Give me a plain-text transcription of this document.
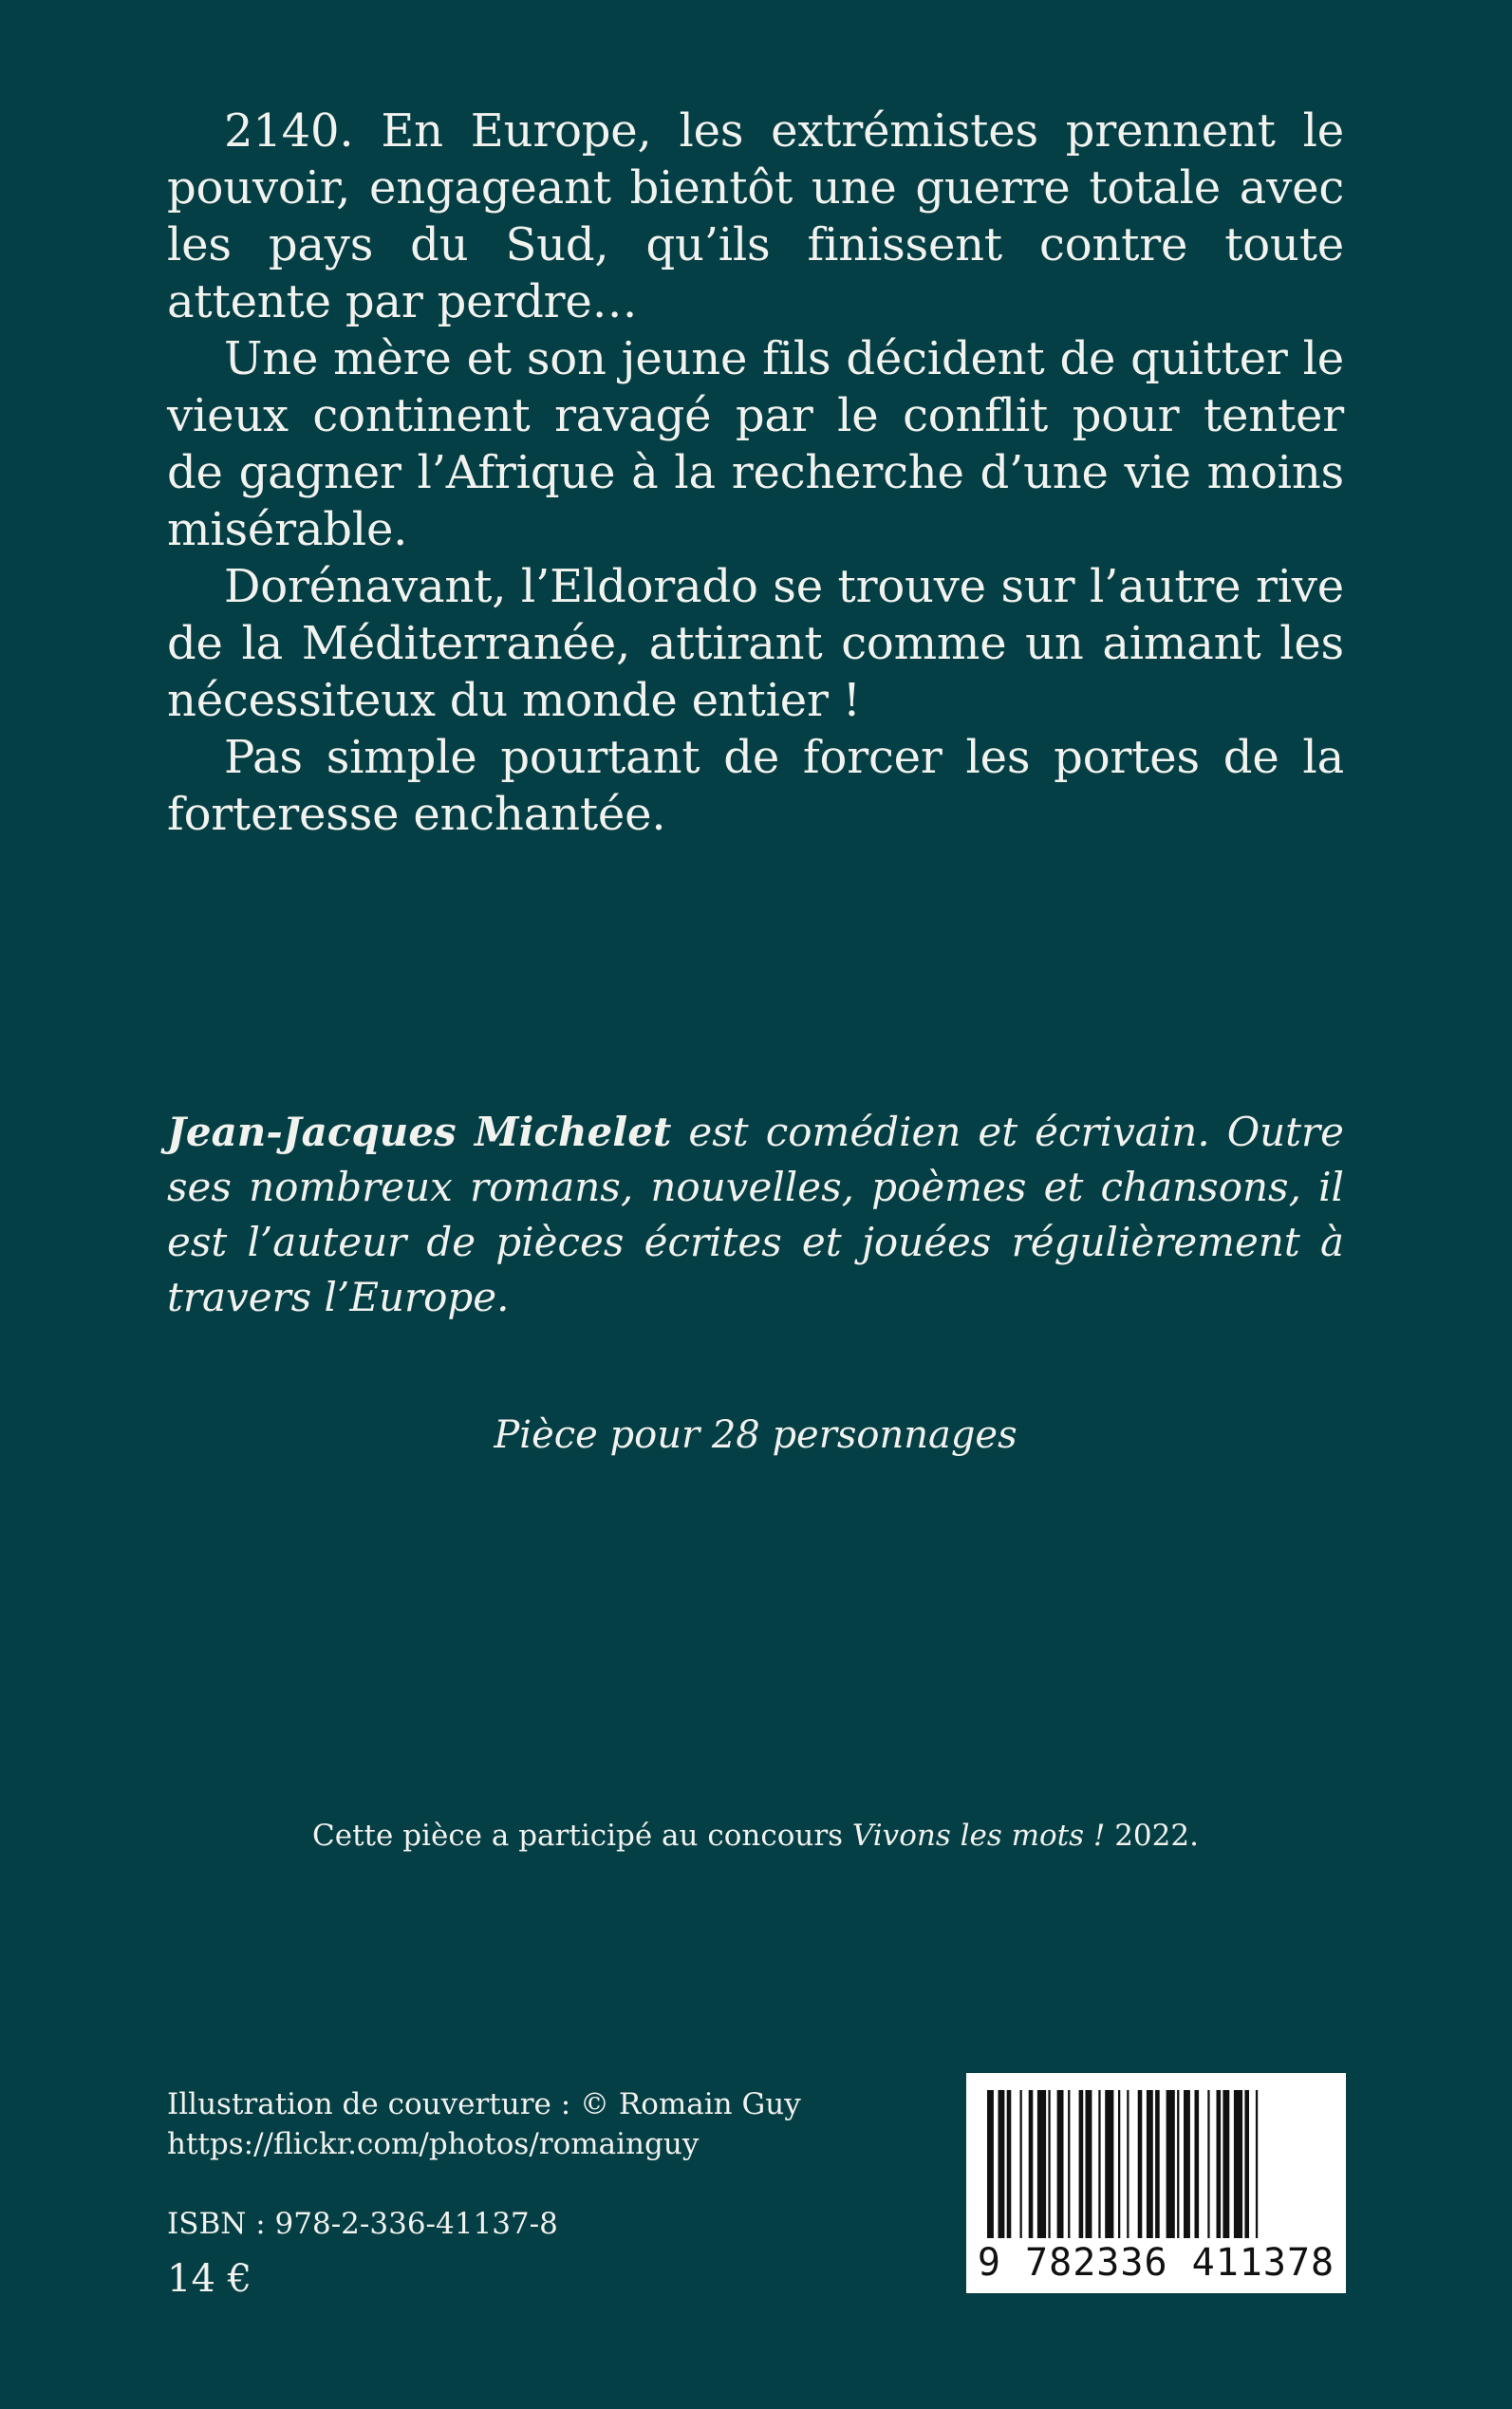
2140. En Europe, les extrémistes prennent le pouvoir, engageant bientôt une guerre totale avec les pays du Sud, qu’ils finissent contre toute attente par perdre…

Une mère et son jeune fils décident de quitter le vieux continent ravagé par le conflit pour tenter de gagner l’Afrique à la recherche d’une vie moins misérable.

Dorénavant, l’Eldorado se trouve sur l’autre rive de la Méditerranée, attirant comme un aimant les nécessiteux du monde entier !

Pas simple pourtant de forcer les portes de la forteresse enchantée.

Jean-Jacques Michelet est comédien et écrivain. Outre ses nombreux romans, nouvelles, poèmes et chansons, il est l’auteur de pièces écrites et jouées régulièrement à travers l’Europe.

Pièce pour 28 personnages

Cette pièce a participé au concours Vivons les mots ! 2022.

Illustration de couverture : © Romain Guy
https://flickr.com/photos/romainguy
ISBN : 978-2-336-41137-8
14 €	9 782336 411378
